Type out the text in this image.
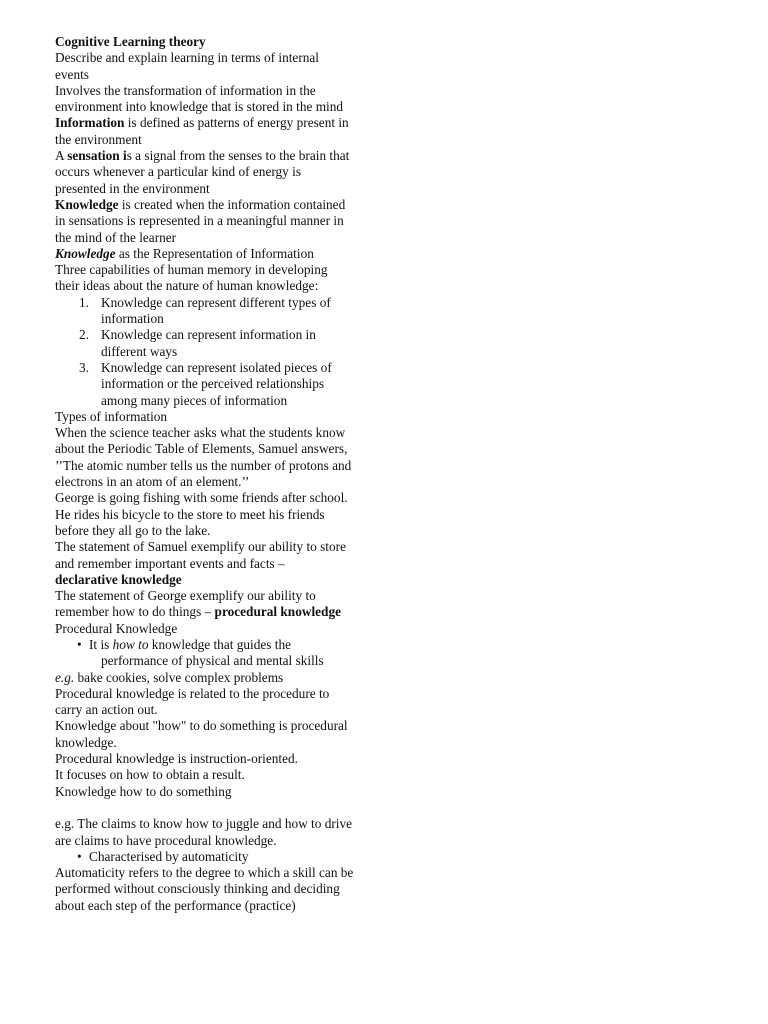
Cognitive Learning theory

Describe and explain learning in terms of internal events

Involves the transformation of information in the environment into knowledge that is stored in the mind

Information is defined as patterns of energy present in the environment

A sensation is a signal from the senses to the brain that occurs whenever a particular kind of energy is presented in the environment

Knowledge is created when the information contained in sensations is represented in a meaningful manner in the mind of the learner

Knowledge as the Representation of Information

Three capabilities of human memory in developing their ideas about the nature of human knowledge:

1. Knowledge can represent different types of information
2. Knowledge can represent information in different ways
3. Knowledge can represent isolated pieces of information or the perceived relationships among many pieces of information

Types of information

When the science teacher asks what the students know about the Periodic Table of Elements, Samuel answers, ’’The atomic number tells us the number of protons and electrons in an atom of an element.’’

George is going fishing with some friends after school. He rides his bicycle to the store to meet his friends before they all go to the lake.

The statement of Samuel exemplify our ability to store and remember important events and facts –
declarative knowledge

The statement of George exemplify our ability to remember how to do things – procedural knowledge

Procedural Knowledge

• It is how to knowledge that guides the performance of physical and mental skills

e.g. bake cookies, solve complex problems

Procedural knowledge is related to the procedure to carry an action out.

Knowledge about "how" to do something is procedural knowledge.

Procedural knowledge is instruction-oriented.

It focuses on how to obtain a result.

Knowledge how to do something

e.g. The claims to know how to juggle and how to drive are claims to have procedural knowledge.

• Characterised by automaticity

Automaticity refers to the degree to which a skill can be performed without consciously thinking and deciding about each step of the performance (practice)
